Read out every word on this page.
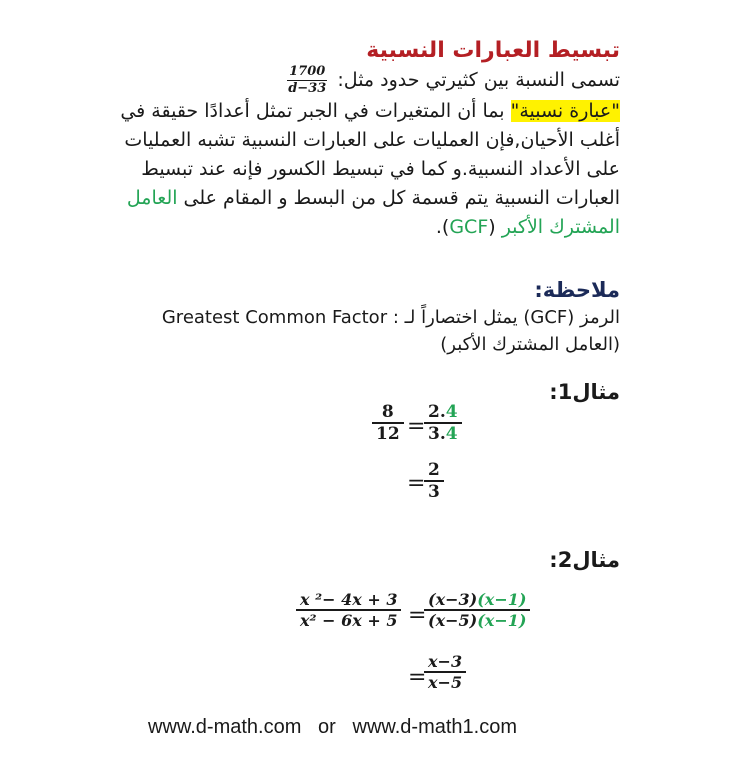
تبسيط العبارات النسبية
تسمى النسبة بين كثيرتي حدود مثل:
$\frac{1700}{d-33}$

"عبارة نسبية" بما أن المتغيرات في الجبر تمثل أعدادًا حقيقة في أغلب الأحيان,فإن العمليات على العبارات النسبية تشبه العمليات على الأعداد النسبية.و كما في تبسيط الكسور فإنه عند تبسيط العبارات النسبية يتم قسمة كل من البسط و المقام على العامل المشترك الأكبر (GCF).
ملاحظة:
الرمز (GCF) يمثل اختصاراً لـ : Greatest Common Factor
(العامل المشترك الأكبر)
مثال1:
8
12 =
2.4
3.4
=
2
3
مثال2:
x ²− 4x + 3
x² − 6x + 5 =
(x−3)(x−1)
(x−5)(x−1)
=
x−3
x−5
www.d-math.com or www.d-math1.com
